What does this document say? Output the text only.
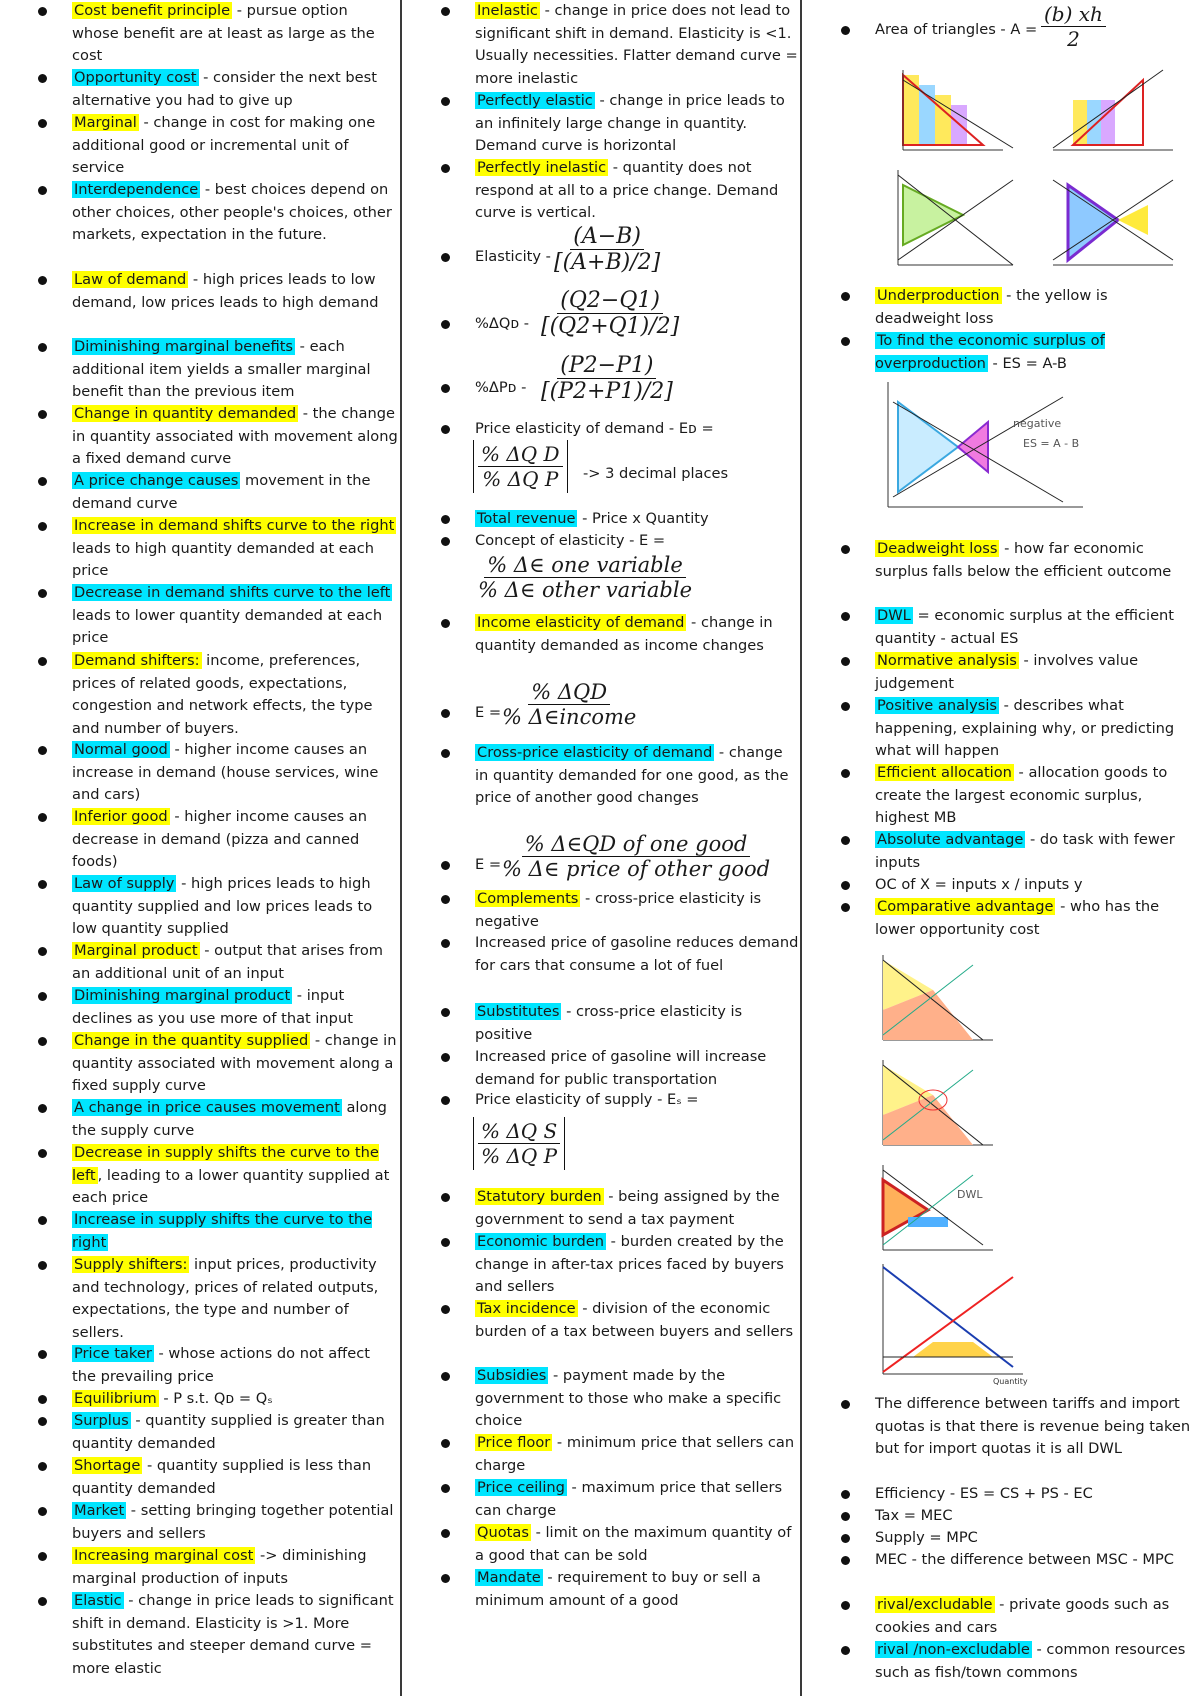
Cost benefit principle - pursue option whose benefit are at least as large as the cost

Opportunity cost - consider the next best alternative you had to give up

Marginal - change in cost for making one additional good or incremental unit of service

Interdependence - best choices depend on other choices, other people's choices, other markets, expectation in the future.

Law of demand - high prices leads to low demand, low prices leads to high demand

Diminishing marginal benefits - each additional item yields a smaller marginal benefit than the previous item

Change in quantity demanded - the change in quantity associated with movement along a fixed demand curve

A price change causes movement in the demand curve

Increase in demand shifts curve to the right leads to high quantity demanded at each price

Decrease in demand shifts curve to the left leads to lower quantity demanded at each price

Demand shifters: income, preferences, prices of related goods, expectations, congestion and network effects, the type and number of buyers.

Normal good - higher income causes an increase in demand (house services, wine and cars)

Inferior good - higher income causes an decrease in demand (pizza and canned foods)

Law of supply - high prices leads to high quantity supplied and low prices leads to low quantity supplied

Marginal product - output that arises from an additional unit of an input

Diminishing marginal product - input declines as you use more of that input

Change in the quantity supplied - change in quantity associated with movement along a fixed supply curve

A change in price causes movement along the supply curve

Decrease in supply shifts the curve to the left , leading to a lower quantity supplied at each price

Increase in supply shifts the curve to the right

Supply shifters: input prices, productivity and technology, prices of related outputs, expectations, the type and number of sellers.

Price taker - whose actions do not affect the prevailing price

Equilibrium - P s.t. Qᴅ = Qₛ

Surplus - quantity supplied is greater than quantity demanded

Shortage - quantity supplied is less than quantity demanded

Market - setting bringing together potential buyers and sellers

Increasing marginal cost -> diminishing marginal production of inputs

Elastic - change in price leads to significant shift in demand. Elasticity is >1. More substitutes and steeper demand curve = more elastic

Inelastic - change in price does not lead to significant shift in demand. Elasticity is <1. Usually necessities. Flatter demand curve = more inelastic

Perfectly elastic - change in price leads to an infinitely large change in quantity. Demand curve is horizontal

Perfectly inelastic - quantity does not respond at all to a price change. Demand curve is vertical.

Elasticity -

%ΔQᴅ -

%ΔPᴅ -

Price elasticity of demand - Eᴅ =

Total revenue - Price x Quantity

Concept of elasticity - E =

Income elasticity of demand - change in quantity demanded as income changes

E =

Cross-price elasticity of demand - change in quantity demanded for one good, as the price of another good changes

E =

Complements - cross-price elasticity is negative

Increased price of gasoline reduces demand for cars that consume a lot of fuel

Substitutes - cross-price elasticity is positive

Increased price of gasoline will increase demand for public transportation

Price elasticity of supply - Eₛ =

Statutory burden - being assigned by the government to send a tax payment

Economic burden - burden created by the change in after-tax prices faced by buyers and sellers

Tax incidence - division of the economic burden of a tax between buyers and sellers

Subsidies - payment made by the government to those who make a specific choice

Price floor - minimum price that sellers can charge

Price ceiling - maximum price that sellers can charge

Quotas - limit on the maximum quantity of a good that can be sold

Mandate - requirement to buy or sell a minimum amount of a good

$\frac{(A-B)}{[(A+B)/2]}$
$\frac{(Q2-Q1)}{[(Q2+Q1)/2]}$
$\frac{(P2-P1)}{[(P2+P1)/2]}$
$\frac{\text{\% ΔQ D}}{\text{\% ΔQ P}} -> 3$ decimal places
$\frac{\text{\% Δ∈ one variable}}{\text{\% Δ∈ other variable}}$
$\frac{\text{\% ΔQD}}{\text{\% Δ∈income}}$
$\frac{\text{\% Δ∈QD of one good}}{\text{\% Δ∈ price of other good}}$
$\frac{\text{\% ΔQ S}}{\text{\% ΔQ P}}$

Area of triangles - $A = \frac{(b) xh}{2}$

Underproduction - the yellow is deadweight loss

To find the economic surplus of overproduction - ES = A-B

Deadweight loss - how far economic surplus falls below the efficient outcome

DWL = economic surplus at the efficient quantity - actual ES

Normative analysis - involves value judgement

Positive analysis - describes what happening, explaining why, or predicting what will happen

Efficient allocation - allocation goods to create the largest economic surplus, highest MB

Absolute advantage - do task with fewer inputs

OC of X = inputs x / inputs y

Comparative advantage - who has the lower opportunity cost

The difference between tariffs and import quotas is that there is revenue being taken but for import quotas it is all DWL

Efficiency - ES = CS + PS - EC

Tax = MEC

Supply = MPC

MEC - the difference between MSC - MPC

rival/excludable - private goods such as cookies and cars

rival /non-excludable - common resources such as fish/town commons

negative
ES = A - B
DWL
Quantity
